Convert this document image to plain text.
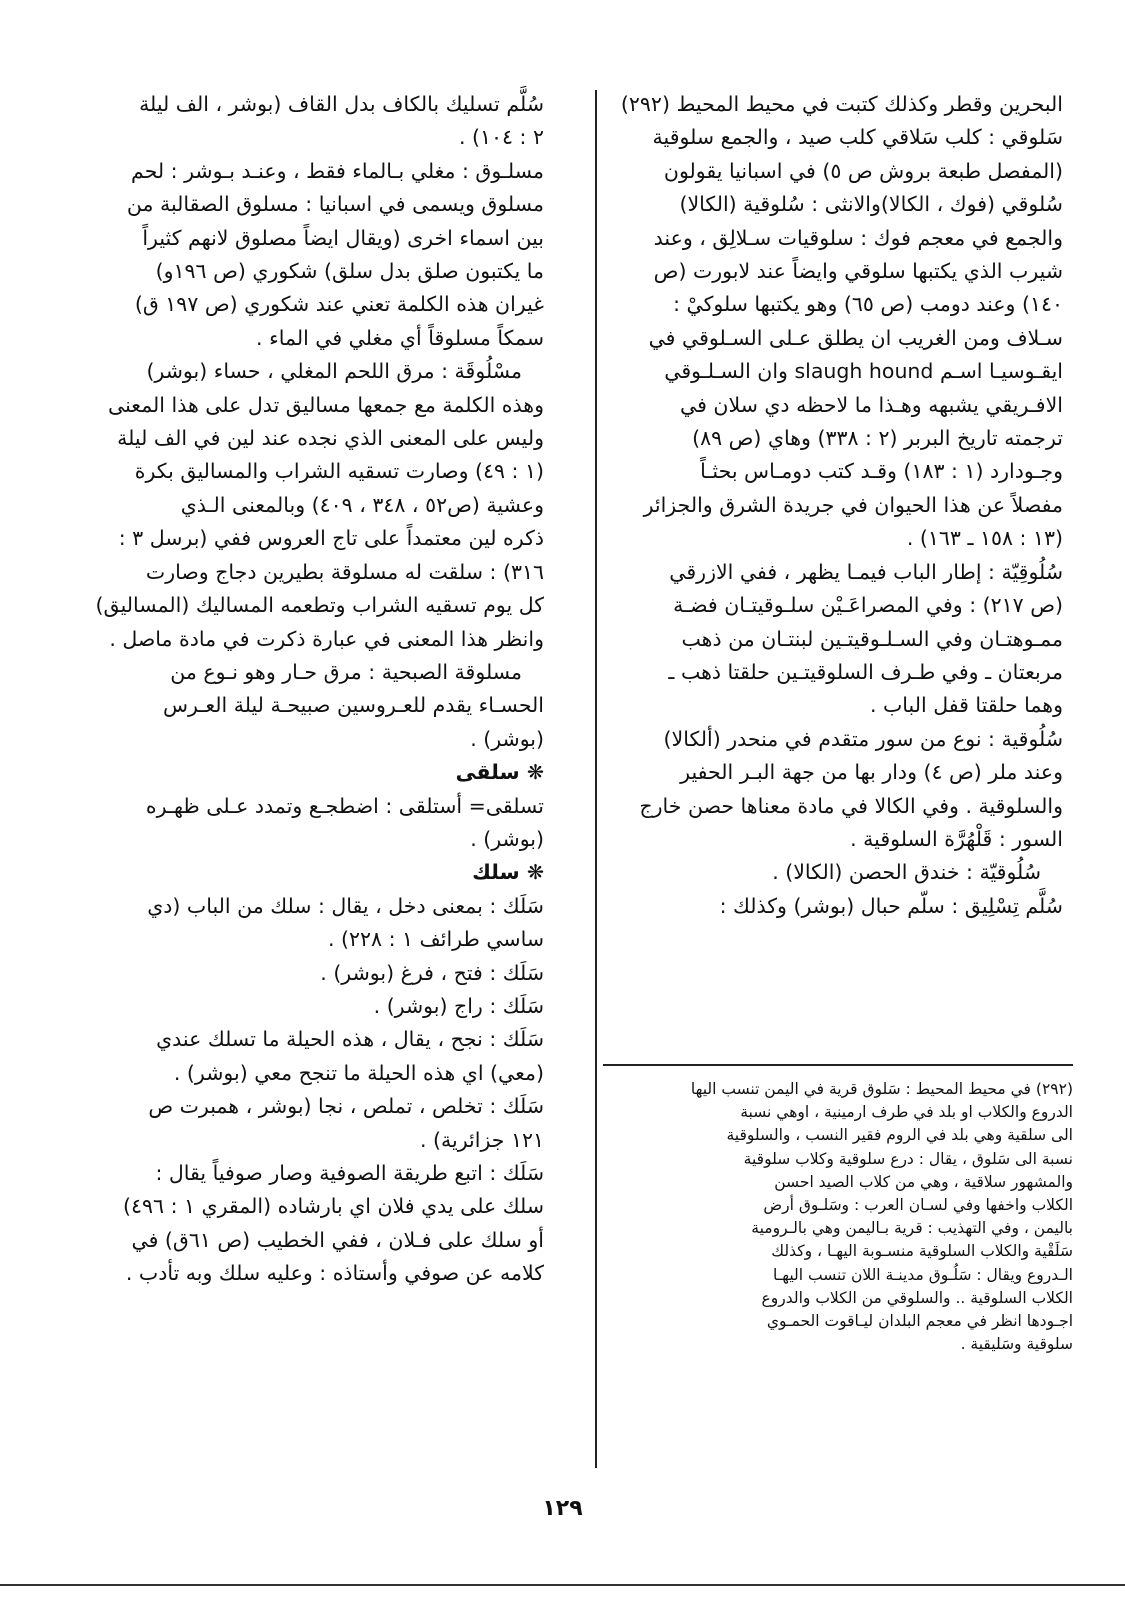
البحرين وقطر وكذلك كتبت في محيط المحيط (٢٩٢)

سَلوقي : كلب سَلاقي كلب صيد ، والجمع سلوقية

(المفصل طبعة بروش ص ٥) في اسبانيا يقولون

سُلوقي (فوك ، الكالا)والانثى : سُلوقية (الكالا)

والجمع في معجم فوك : سلوقيات سـلالِق ، وعند

شيرب الذي يكتبها سلوقي وايضاً عند لابورت (ص

١٤٠) وعند دومب (ص ٦٥) وهو يكتبها سلوكيْ :

سـلاف ومن الغريب ان يطلق عـلى السـلوقي في

ايقـوسيـا اسـم slaugh hound وان السـلـوقي

الافـريقي يشبهه وهـذا ما لاحظه دي سلان في

ترجمته تاريخ البربر (٢ : ٣٣٨) وهاي (ص ٨٩)

وجـودارد (١ : ١٨٣) وقـد كتب دومـاس بحثـاً

مفصلاً عن هذا الحيوان في جريدة الشرق والجزائر

(١٣ : ١٥٨ ـ ١٦٣) .

سُلُوقِيّة : إطار الباب فيمـا يظهر ، ففي الازرقي

(ص ٢١٧) : وفي المصراعَـيْن سلـوقيتـان فضـة

ممـوهتـان وفي السـلـوقيتـين لبنتـان من ذهب

مربعتان ـ وفي طـرف السلوقيتـين حلقتا ذهب ـ

وهما حلقتا قفل الباب .

سُلُوقية : نوع من سور متقدم في منحدر (ألكالا)

وعند ملر (ص ٤) ودار بها من جهة البـر الحفير

والسلوقية . وفي الكالا في مادة معناها حصن خارج

السور : قَلْهُرَّة السلوقية .

سُلُوقيّة : خندق الحصن (الكالا) .

سُلَّم تِسْلِيق : سلّم حبال (بوشر) وكذلك :

سُلَّم تسليك بالكاف بدل القاف (بوشر ، الف ليلة

٢ : ١٠٤) .

مسلـوق : مغلي بـالماء فقط ، وعنـد بـوشر : لحم

مسلوق ويسمى في اسبانيا : مسلوق الصقالبة من

بين اسماء اخرى (ويقال ايضاً مصلوق لانهم كثيراً

ما يكتبون صلق بدل سلق) شكوري (ص ١٩٦و)

غيران هذه الكلمة تعني عند شكوري (ص ١٩٧ ق)

سمكاً مسلوقاً أي مغلي في الماء .

مسْلُوقَة : مرق اللحم المغلي ، حساء (بوشر)

وهذه الكلمة مع جمعها مساليق تدل على هذا المعنى

وليس على المعنى الذي نجده عند لين في الف ليلة

(١ : ٤٩) وصارت تسقيه الشراب والمساليق بكرة

وعشية (ص٥٢ ، ٣٤٨ ، ٤٠٩) وبالمعنى الـذي

ذكره لين معتمداً على تاج العروس ففي (برسل ٣ :

٣١٦) : سلقت له مسلوقة بطيرين دجاج وصارت

كل يوم تسقيه الشراب وتطعمه المساليك (المساليق)

وانظر هذا المعنى في عبارة ذكرت في مادة ماصل .

مسلوقة الصبحية : مرق حـار وهو نـوع من

الحسـاء يقدم للعـروسين صبيحـة ليلة العـرس

(بوشر) .

❋ سلقى

تسلقى= أستلقى : اضطجـع وتمدد عـلى ظهـره

(بوشر) .

❋ سلك

سَلَك : بمعنى دخل ، يقال : سلك من الباب (دي

ساسي طرائف ١ : ٢٢٨) .

سَلَك : فتح ، فرغ (بوشر) .

سَلَك : راج (بوشر) .

سَلَك : نجح ، يقال ، هذه الحيلة ما تسلك عندي

(معي) اي هذه الحيلة ما تنجح معي (بوشر) .

سَلَك : تخلص ، تملص ، نجا (بوشر ، همبرت ص

١٢١ جزائرية) .

سَلَك : اتبع طريقة الصوفية وصار صوفياً يقال :

سلك على يدي فلان اي بارشاده (المقري ١ : ٤٩٦)

أو سلك على فـلان ، ففي الخطيب (ص ٦١ق) في

كلامه عن صوفي وأستاذه : وعليه سلك وبه تأدب .

(٢٩٢) في محيط المحيط : سَلوق قرية في اليمن تنسب اليها

الدروع والكلاب او بلد في طرف ارمينية ، اوهي نسبة

الى سلقية وهي بلد في الروم فقير النسب ، والسلوقية

نسبة الى سَلوق ، يقال : درع سلوقية وكلاب سلوقية

والمشهور سلاقية ، وهي من كلاب الصيد احسن

الكلاب واخفها وفي لسـان العرب : وسَلـوق أرض

باليمن ، وفي التهذيب : قرية بـاليمن وهي بالـرومية

سَلَقْية والكلاب السلوقية منسـوبة اليهـا ، وكذلك

الـدروع ويقال : سَلُـوق مدينـة اللان تنسب اليهـا

الكلاب السلوقية .. والسلوقي من الكلاب والدروع

اجـودها انظر في معجم البلدان ليـاقوت الحمـوي

سلوقية وسَليقية .

١٢٩
